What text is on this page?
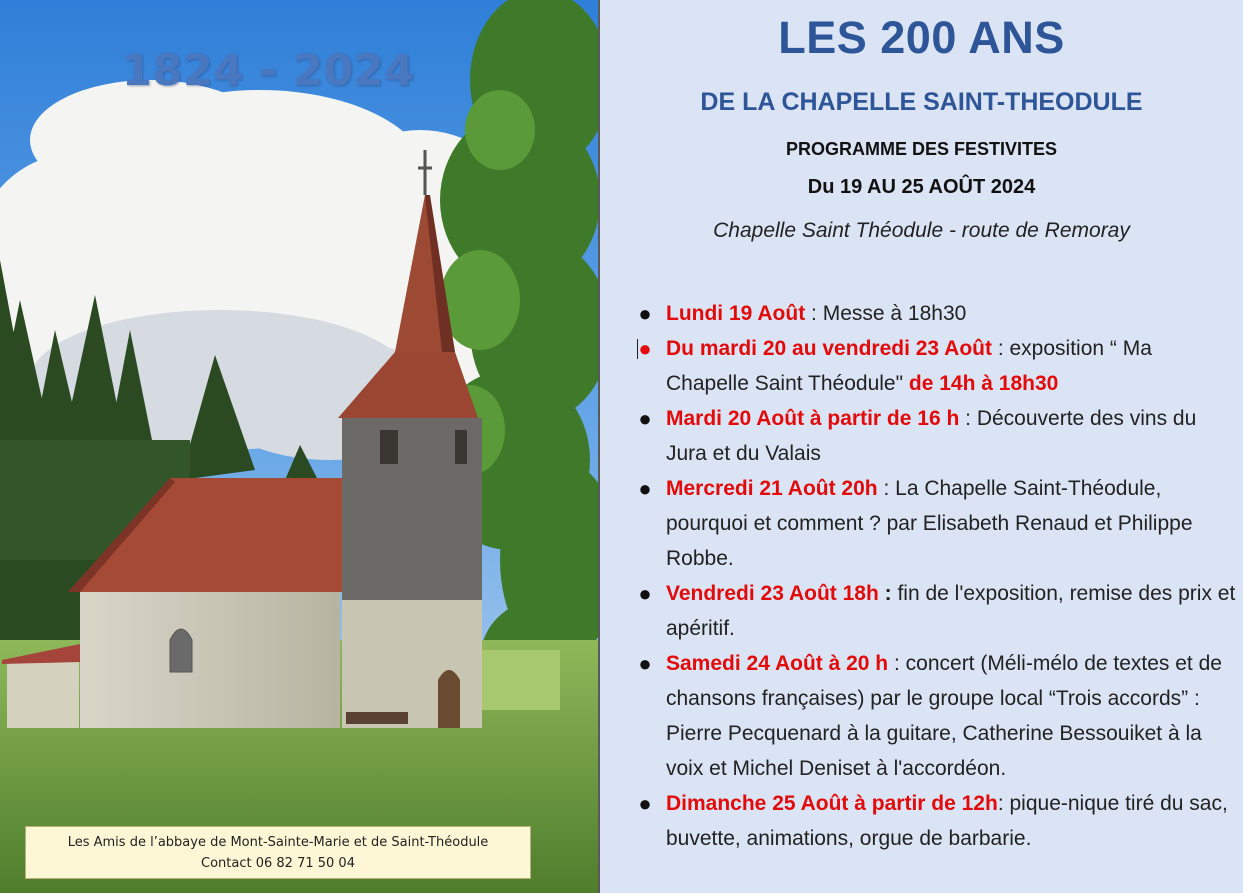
1824 - 2024
Les Amis de l’abbaye de Mont-Sainte-Marie et de Saint-Théodule
Contact 06 82 71 50 04
LES 200 ANS
DE LA CHAPELLE SAINT-THEODULE
PROGRAMME DES FESTIVITES
Du 19 AU 25 AOÛT 2024
Chapelle Saint Théodule - route de Remoray
● Lundi 19 Août : Messe à 18h30
● Du mardi 20 au vendredi 23 Août : exposition “ Ma Chapelle Saint Théodule" de 14h à 18h30
● Mardi 20 Août à partir de 16 h : Découverte des vins du Jura et du Valais
● Mercredi 21 Août 20h : La Chapelle Saint-Théodule, pourquoi et comment ? par Elisabeth Renaud et Philippe Robbe.
● Vendredi 23 Août 18h : fin de l'exposition, remise des prix et apéritif.
● Samedi 24 Août à 20 h : concert (Méli-mélo de textes et de chansons françaises) par le groupe local “Trois accords” : Pierre Pecquenard à la guitare, Catherine Bessouiket à la voix et Michel Deniset à l'accordéon.
● Dimanche 25 Août à partir de 12h: pique-nique tiré du sac, buvette, animations, orgue de barbarie.
